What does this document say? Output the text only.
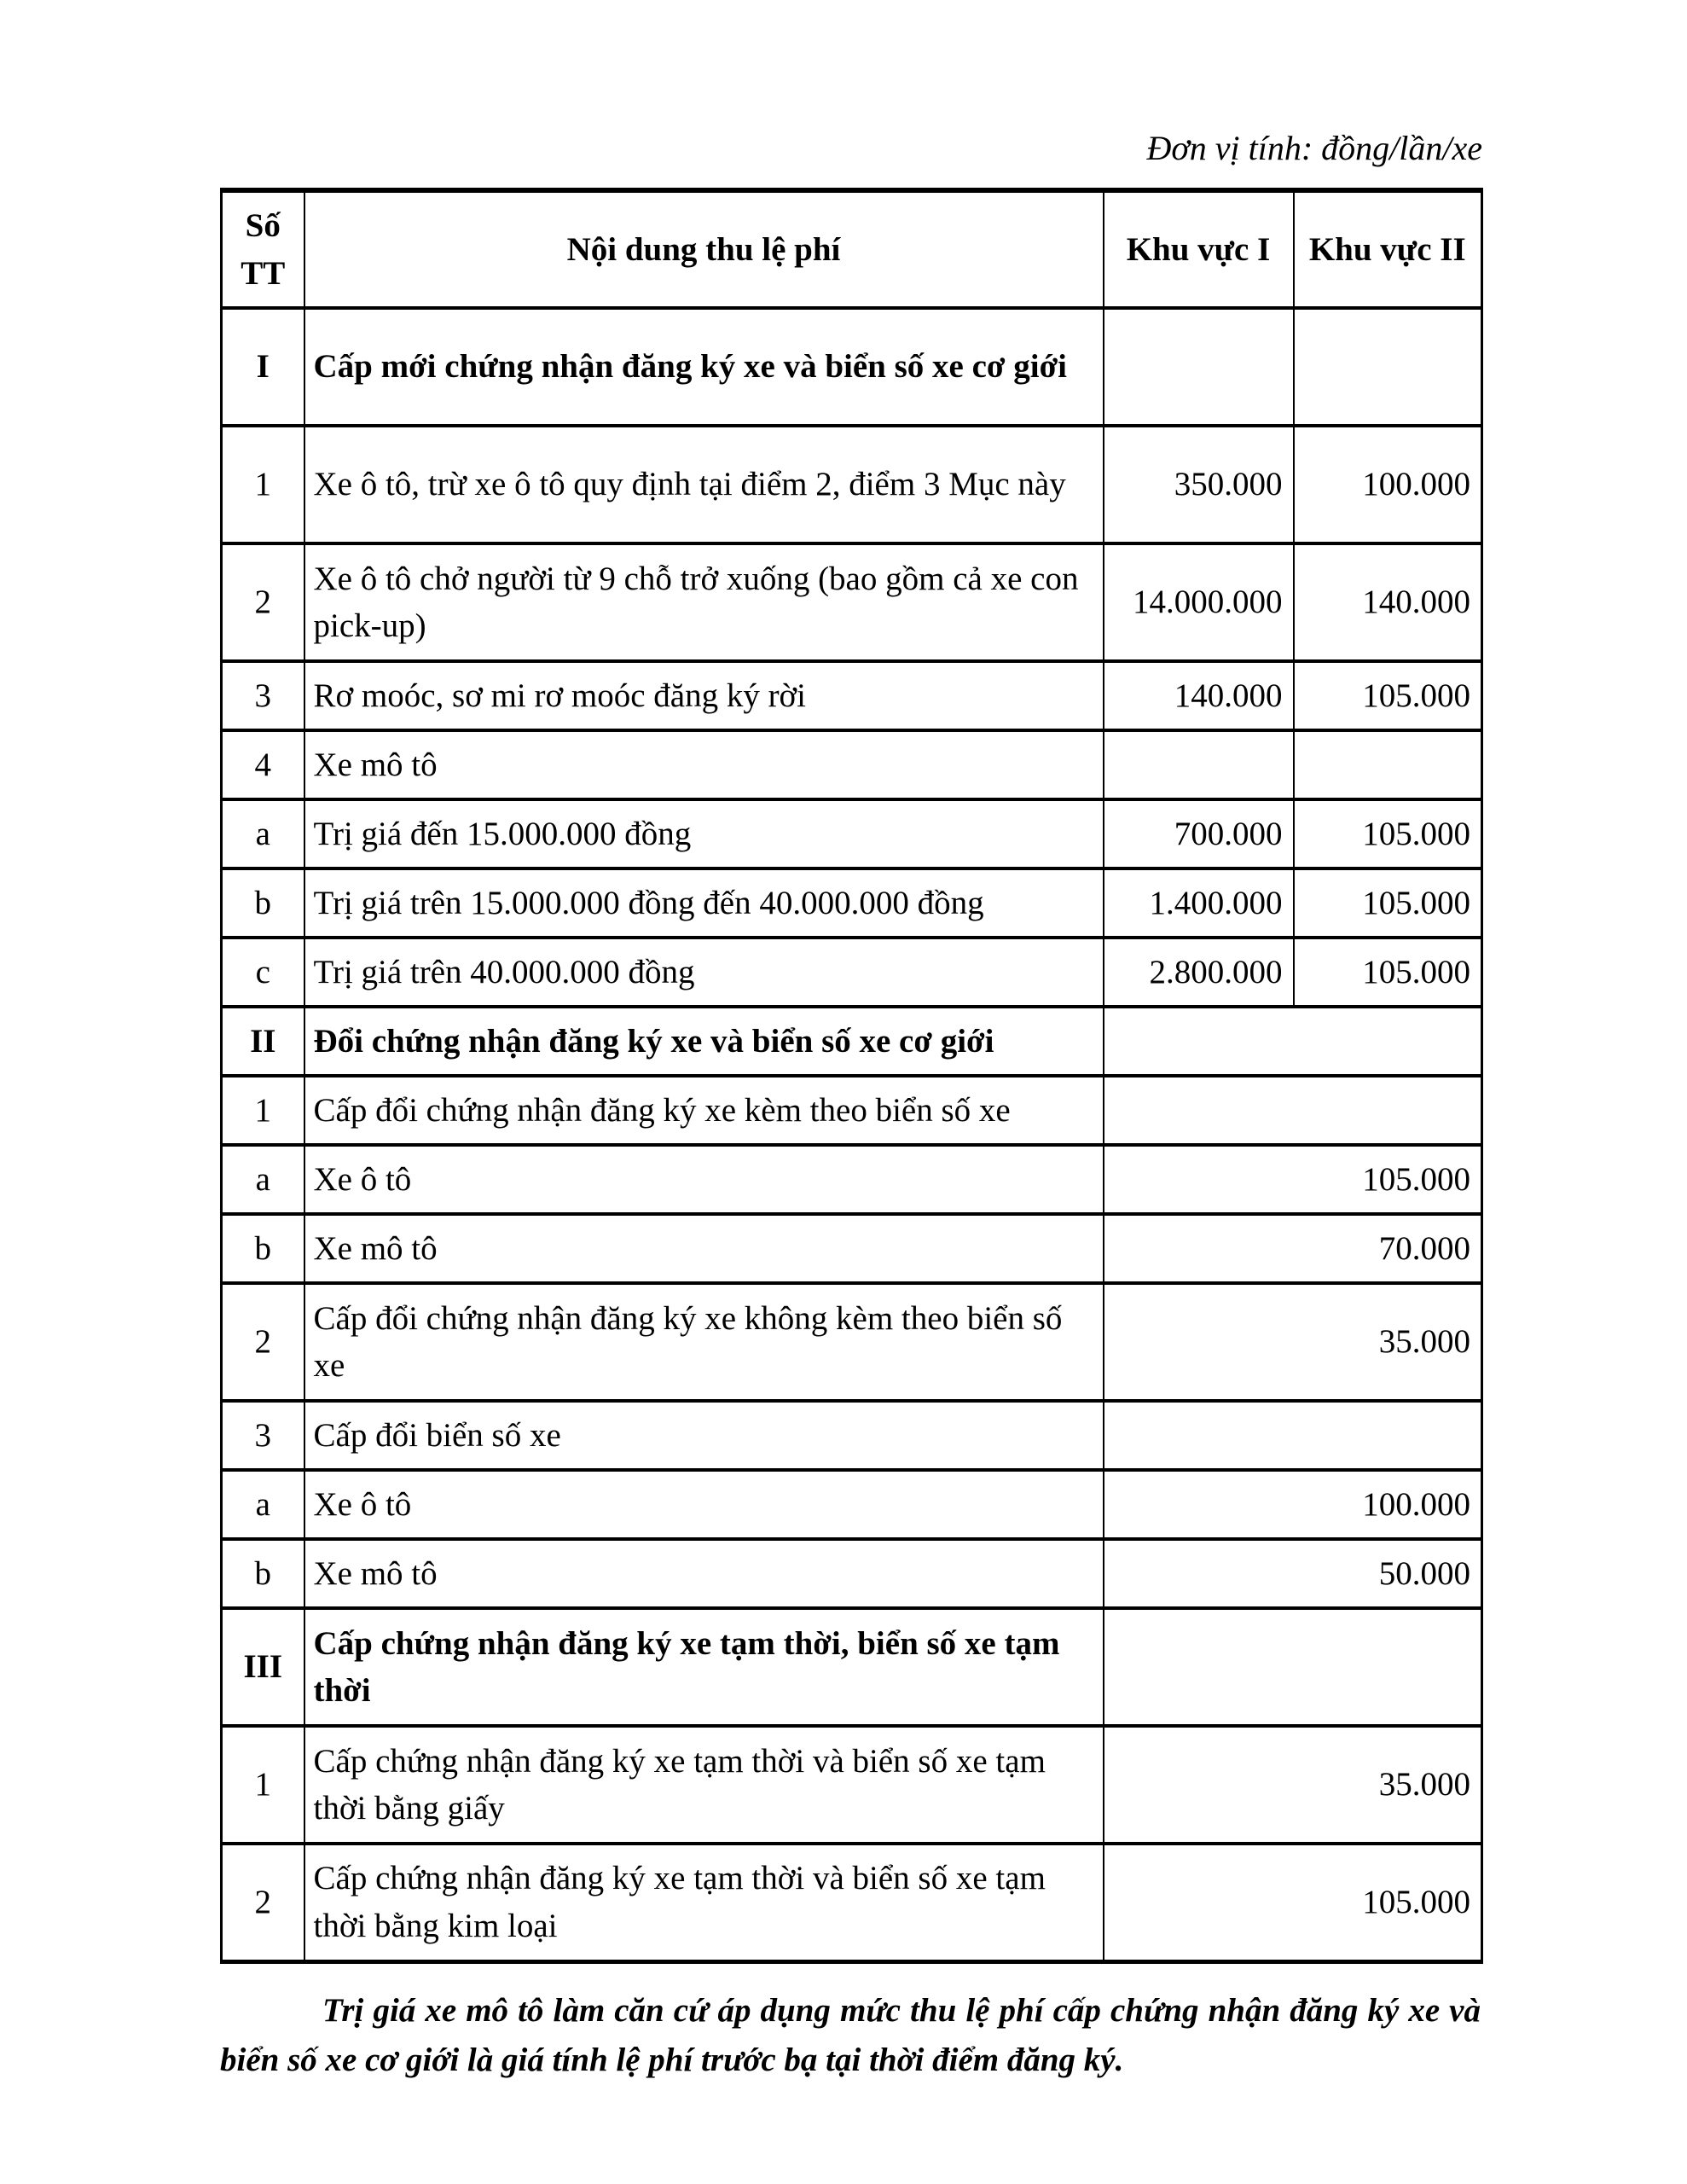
Đơn vị tính: đồng/lần/xe
Số TT	Nội dung thu lệ phí	Khu vực I	Khu vực II
I	Cấp mới chứng nhận đăng ký xe và biển số xe cơ giới		
1	Xe ô tô, trừ xe ô tô quy định tại điểm 2, điểm 3 Mục này	350.000	100.000
2	Xe ô tô chở người từ 9 chỗ trở xuống (bao gồm cả xe con pick-up)	14.000.000	140.000
3	Rơ moóc, sơ mi rơ moóc đăng ký rời	140.000	105.000
4	Xe mô tô		
a	Trị giá đến 15.000.000 đồng	700.000	105.000
b	Trị giá trên 15.000.000 đồng đến 40.000.000 đồng	1.400.000	105.000
c	Trị giá trên 40.000.000 đồng	2.800.000	105.000
II	Đổi chứng nhận đăng ký xe và biển số xe cơ giới		
1	Cấp đổi chứng nhận đăng ký xe kèm theo biển số xe		
a	Xe ô tô	105.000	
b	Xe mô tô	70.000	
2	Cấp đổi chứng nhận đăng ký xe không kèm theo biển số xe	35.000	
3	Cấp đổi biển số xe		
a	Xe ô tô	100.000	
b	Xe mô tô	50.000	
III	Cấp chứng nhận đăng ký xe tạm thời, biển số xe tạm thời		
1	Cấp chứng nhận đăng ký xe tạm thời và biển số xe tạm thời bằng giấy	35.000	
2	Cấp chứng nhận đăng ký xe tạm thời và biển số xe tạm thời bằng kim loại	105.000	

Trị giá xe mô tô làm căn cứ áp dụng mức thu lệ phí cấp chứng nhận đăng ký xe và biển số xe cơ giới là giá tính lệ phí trước bạ tại thời điểm đăng ký.
